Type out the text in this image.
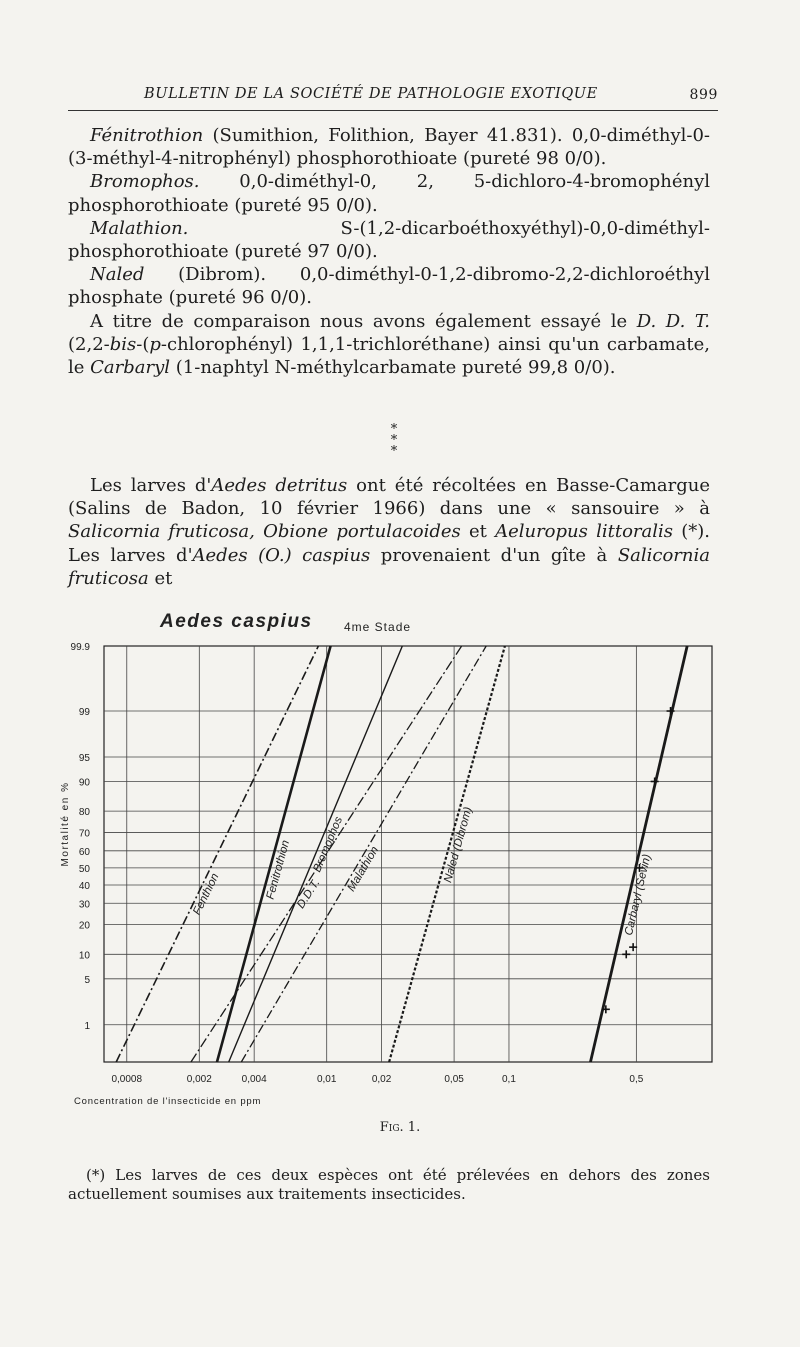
BULLETIN DE LA SOCIÉTÉ DE PATHOLOGIE EXOTIQUE	899

Fénitrothion (Sumithion, Folithion, Bayer 41.831). 0,0-diméthyl-0-(3-méthyl-4-nitrophényl) phosphorothioate (pureté 98 0/0).

Bromophos. 0,0-diméthyl-0, 2, 5-dichloro-4-bromophényl phosphorothioate (pureté 95 0/0).

Malathion. S-(1,2-dicarboéthoxyéthyl)-0,0-diméthyl-phosphorothioate (pureté 97 0/0).

Naled (Dibrom). 0,0-diméthyl-0-1,2-dibromo-2,2-dichloroéthyl phosphate (pureté 96 0/0).

A titre de comparaison nous avons également essayé le D. D. T. (2,2-bis-(p-chlorophényl) 1,1,1-trichloréthane) ainsi qu'un carbamate, le Carbaryl (1-naphtyl N-méthylcarbamate pureté 99,8 0/0).

* * *

Les larves d'Aedes detritus ont été récoltées en Basse-Camargue (Salins de Badon, 10 février 1966) dans une « sansouire » à Salicornia fruticosa, Obione portulacoides et Aeluropus littoralis (*). Les larves d'Aedes (O.) caspius provenaient d'un gîte à Salicornia fruticosa et

99.9
99
95
90
80
70
60
50
40
30
20
10
5
1
0,0008	0,002	0,004	0,01	0,02	0,05	0,1	0,5
Aedes caspius	4me Stade
Mortalité en %
Concentration de l'insecticide en ppm
Fenthion	Fenitrothion Bromophos
D.D.T.
Malathion	Naled (Dibrom)
Carbaryl (Sevin)
Fig. 1.

(*) Les larves de ces deux espèces ont été prélevées en dehors des zones actuellement soumises aux traitements insecticides.
